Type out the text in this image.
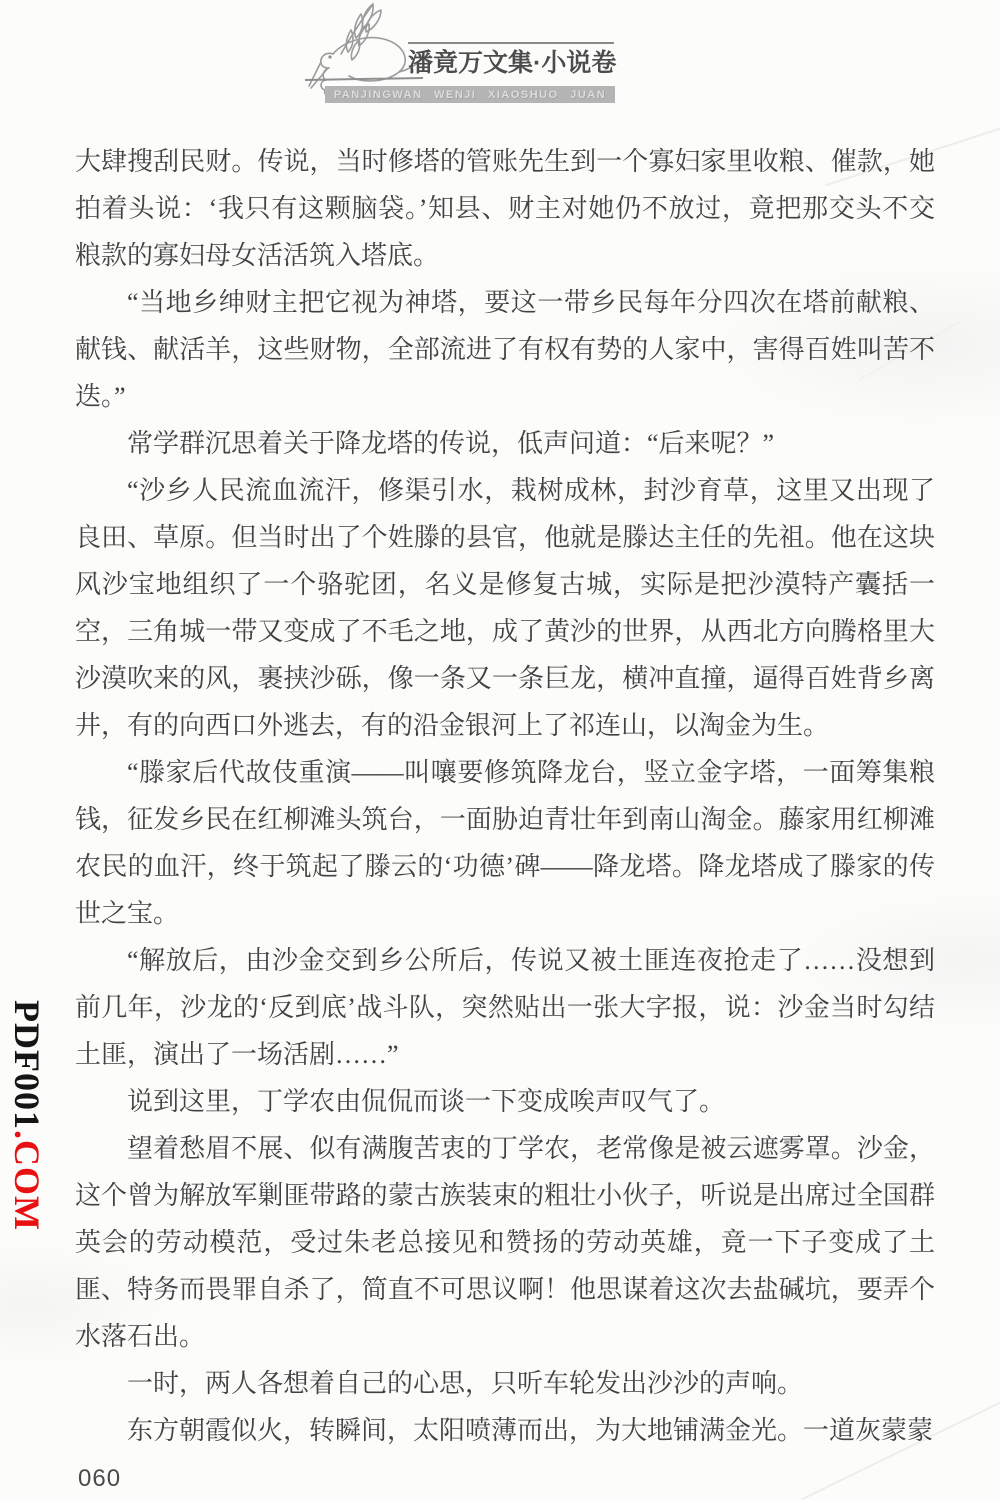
潘竟万文集·小说卷
PANJINGWAN WENJI XIAOSHUO JUAN

大肆搜刮民财。传说，当时修塔的管账先生到一个寡妇家里收粮、催款，她拍着头说：‘我只有这颗脑袋。’知县、财主对她仍不放过，竟把那交头不交粮款的寡妇母女活活筑入塔底。

“当地乡绅财主把它视为神塔，要这一带乡民每年分四次在塔前献粮、献钱、献活羊，这些财物，全部流进了有权有势的人家中，害得百姓叫苦不迭。”

常学群沉思着关于降龙塔的传说，低声问道：“后来呢？”

“沙乡人民流血流汗，修渠引水，栽树成林，封沙育草，这里又出现了良田、草原。但当时出了个姓滕的县官，他就是滕达主任的先祖。他在这块风沙宝地组织了一个骆驼团，名义是修复古城，实际是把沙漠特产囊括一空，三角城一带又变成了不毛之地，成了黄沙的世界，从西北方向腾格里大沙漠吹来的风，裹挟沙砾，像一条又一条巨龙，横冲直撞，逼得百姓背乡离井，有的向西口外逃去，有的沿金银河上了祁连山，以淘金为生。

“滕家后代故伎重演——叫嚷要修筑降龙台，竖立金字塔，一面筹集粮钱，征发乡民在红柳滩头筑台，一面胁迫青壮年到南山淘金。藤家用红柳滩农民的血汗，终于筑起了滕云的‘功德’碑——降龙塔。降龙塔成了滕家的传世之宝。

“解放后，由沙金交到乡公所后，传说又被土匪连夜抢走了……没想到前几年，沙龙的‘反到底’战斗队，突然贴出一张大字报，说：沙金当时勾结土匪，演出了一场活剧……”

说到这里，丁学农由侃侃而谈一下变成唉声叹气了。

望着愁眉不展、似有满腹苦衷的丁学农，老常像是被云遮雾罩。沙金，这个曾为解放军剿匪带路的蒙古族装束的粗壮小伙子，听说是出席过全国群英会的劳动模范，受过朱老总接见和赞扬的劳动英雄，竟一下子变成了土匪、特务而畏罪自杀了，简直不可思议啊！他思谋着这次去盐碱坑，要弄个水落石出。

一时，两人各想着自己的心思，只听车轮发出沙沙的声响。

东方朝霞似火，转瞬间，太阳喷薄而出，为大地铺满金光。一道灰蒙蒙

PDF001.COM
060
